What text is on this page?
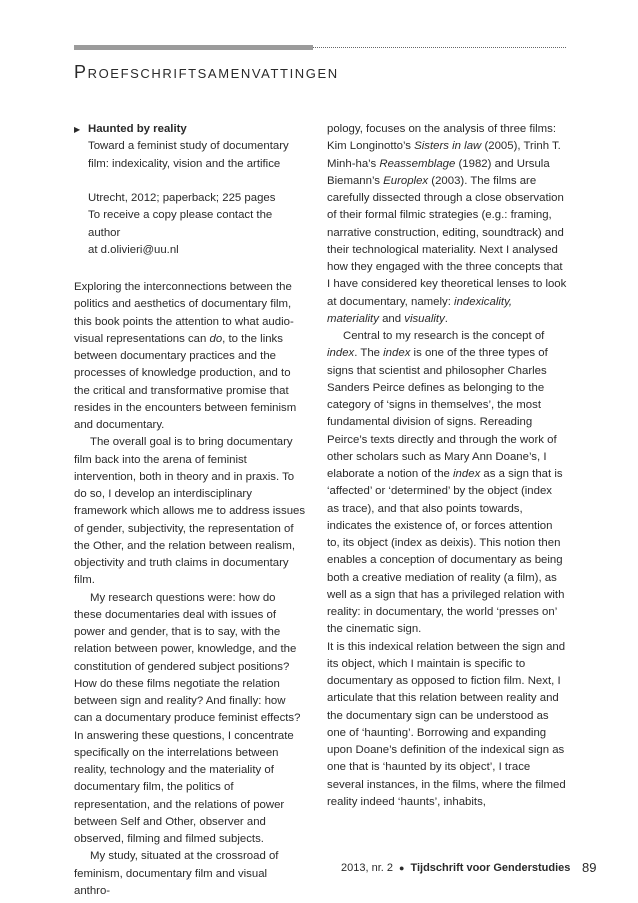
Proefschriftsamenvattingen
▶ Haunted by reality

Toward a feminist study of documentary

film: indexicality, vision and the artifice

Utrecht, 2012; paperback; 225 pages

To receive a copy please contact the author

at d.olivieri@uu.nl

Exploring the interconnections between the politics and aesthetics of documentary film, this book points the attention to what audio-visual representations can do, to the links between documentary practices and the processes of knowledge production, and to the critical and transformative promise that resides in the encounters between feminism and documentary.

The overall goal is to bring documentary film back into the arena of feminist intervention, both in theory and in praxis. To do so, I develop an interdisciplinary framework which allows me to address issues of gender, subjectivity, the representation of the Other, and the relation between realism, objectivity and truth claims in documentary film.

My research questions were: how do these documentaries deal with issues of power and gender, that is to say, with the relation between power, knowledge, and the constitution of gendered subject positions? How do these films negotiate the relation between sign and reality? And finally: how can a documentary produce feminist effects? In answering these questions, I concentrate specifically on the interrelations between reality, technology and the materiality of documentary film, the politics of representation, and the relations of power between Self and Other, observer and observed, filming and filmed subjects.

My study, situated at the crossroad of feminism, documentary film and visual anthro-

pology, focuses on the analysis of three films: Kim Longinotto’s Sisters in law (2005), Trinh T. Minh-ha’s Reassemblage (1982) and Ursula Biemann’s Europlex (2003). The films are carefully dissected through a close observation of their formal filmic strategies (e.g.: framing, narrative construction, editing, soundtrack) and their technological materiality. Next I analysed how they engaged with the three concepts that I have considered key theoretical lenses to look at documentary, namely: indexicality, materiality and visuality.

Central to my research is the concept of index. The index is one of the three types of signs that scientist and philosopher Charles Sanders Peirce defines as belonging to the category of ‘signs in themselves’, the most fundamental division of signs. Rereading Peirce’s texts directly and through the work of other scholars such as Mary Ann Doane’s, I elaborate a notion of the index as a sign that is ‘affected’ or ‘determined’ by the object (index as trace), and that also points towards, indicates the existence of, or forces attention to, its object (index as deixis). This notion then enables a conception of documentary as being both a creative mediation of reality (a film), as well as a sign that has a privileged relation with reality: in documentary, the world ‘presses on’ the cinematic sign.

It is this indexical relation between the sign and its object, which I maintain is specific to documentary as opposed to fiction film. Next, I articulate that this relation between reality and the documentary sign can be understood as one of ‘haunting’. Borrowing and expanding upon Doane’s definition of the indexical sign as one that is ‘haunted by its object’, I trace several instances, in the films, where the filmed reality indeed ‘haunts’, inhabits,

2013, nr. 2 ● Tijdschrift voor Genderstudies 89
